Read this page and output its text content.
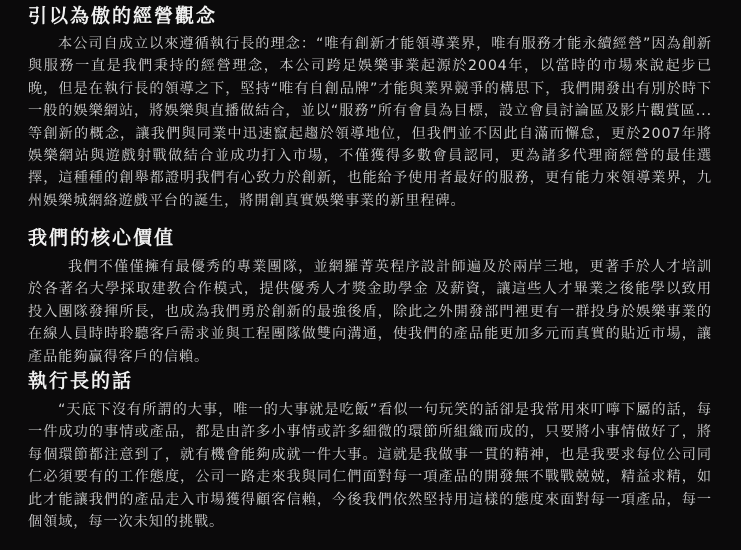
引以為傲的經營觀念

本公司自成立以來遵循執行長的理念：“唯有創新才能領導業界，唯有服務才能永續經營”因為創新與服務一直是我們秉持的經營理念，本公司跨足娛樂事業起源於2004年，以當時的市場來說起步已晚，但是在執行長的領導之下，堅持“唯有自創品牌”才能與業界競爭的構思下，我們開發出有別於時下一般的娛樂網站，將娛樂與直播做結合，並以“服務”所有會員為目標，設立會員討論區及影片觀賞區...等創新的概念，讓我們與同業中迅速竄起趨於領導地位，但我們並不因此自滿而懈怠，更於2007年將娛樂網站與遊戲射戰做結合並成功打入市場，不僅獲得多數會員認同，更為諸多代理商經營的最佳選擇，這種種的創舉都證明我們有心致力於創新，也能給予使用者最好的服務，更有能力來領導業界，九州娛樂城網絡遊戲平台的誕生，將開創真實娛樂事業的新里程碑。

我們的核心價值

我們不僅僅擁有最優秀的專業團隊，並網羅菁英程序設計師遍及於兩岸三地，更著手於人才培訓於各著名大學採取建教合作模式，提供優秀人才獎金助學金 及薪資，讓這些人才畢業之後能學以致用投入團隊發揮所長，也成為我們勇於創新的最強後盾，除此之外開發部門裡更有一群投身於娛樂事業的在線人員時時聆聽客戶需求並與工程團隊做雙向溝通，使我們的產品能更加多元而真實的貼近市場，讓產品能夠贏得客戶的信賴。

執行長的話

“天底下沒有所謂的大事，唯一的大事就是吃飯”看似一句玩笑的話卻是我常用來叮嚀下屬的話，每一件成功的事情或產品，都是由許多小事情或許多細微的環節所組織而成的，只要將小事情做好了，將每個環節都注意到了，就有機會能夠成就一件大事。這就是我做事一貫的精神，也是我要求每位公司同仁必須要有的工作態度，公司一路走來我與同仁們面對每一項產品的開發無不戰戰兢兢，精益求精，如此才能讓我們的產品走入市場獲得顧客信賴，今後我們依然堅持用這樣的態度來面對每一項產品，每一個領域，每一次未知的挑戰。
